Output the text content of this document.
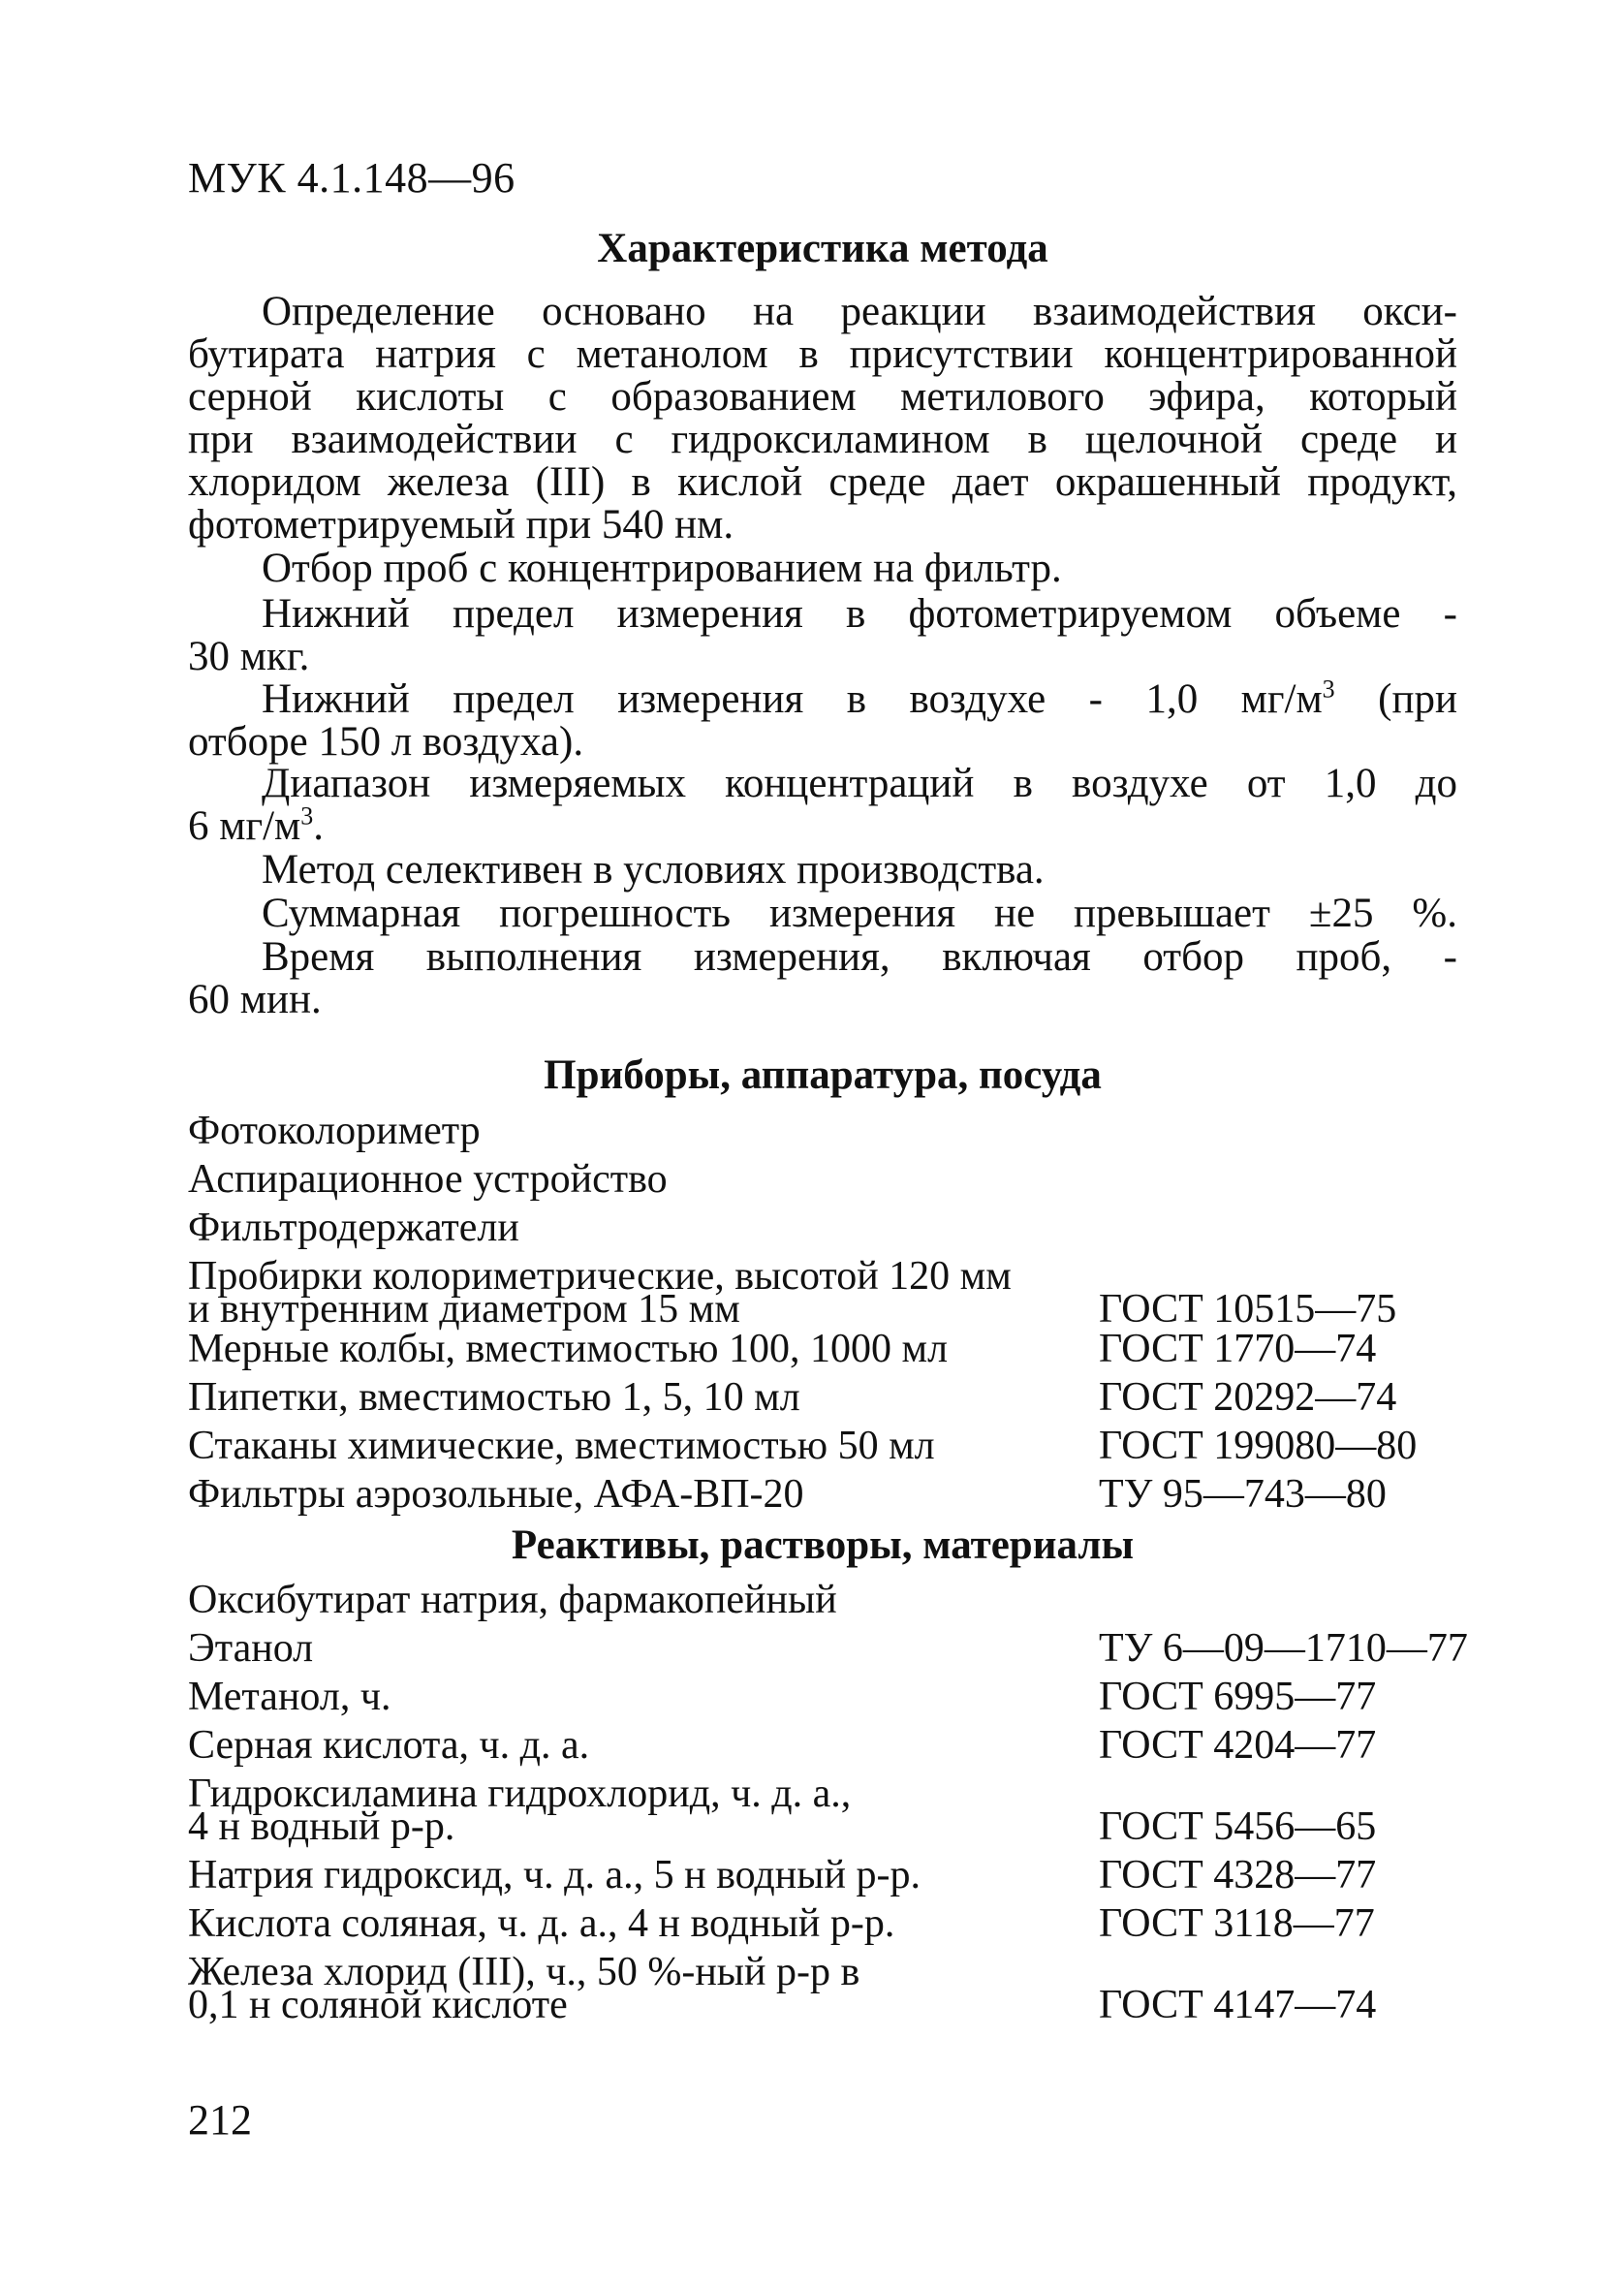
МУК 4.1.148—96
Характеристика метода
Определение основано на реакции взаимодействия окси-
бутирата натрия с метанолом в присутствии концентрированной
серной кислоты с образованием метилового эфира, который
при взаимодействии с гидроксиламином в щелочной среде и
хлоридом железа (III) в кислой среде дает окрашенный продукт,
фотометрируемый при 540 нм.
Отбор проб с концентрированием на фильтр.
Нижний предел измерения в фотометрируемом объеме -
30 мкг.
Нижний предел измерения в воздухе - 1,0 $мг/м^3$ (при
отборе 150 л воздуха).
Диапазон измеряемых концентраций в воздухе от 1,0 до
6 $мг/м^3$.
Метод селективен в условиях производства.
Суммарная погрешность измерения не превышает ±25 %.
Время выполнения измерения, включая отбор проб, -
60 мин.
Приборы, аппаратура, посуда
Фотоколориметр
Аспирационное устройство
Фильтродержатели
Пробирки колориметрические, высотой 120 мм
и внутренним диаметром 15 мм	ГОСТ 10515—75
Мерные колбы, вместимостью 100, 1000 мл	ГОСТ 1770—74
Пипетки, вместимостью 1, 5, 10 мл	ГОСТ 20292—74
Стаканы химические, вместимостью 50 мл	ГОСТ 199080—80
Фильтры аэрозольные, АФА-ВП-20	ТУ 95—743—80
Реактивы, растворы, материалы
Оксибутират натрия, фармакопейный
Этанол	ТУ 6—09—1710—77
Метанол, ч.	ГОСТ 6995—77
Серная кислота, ч. д. а.	ГОСТ 4204—77
Гидроксиламина гидрохлорид, ч. д. а.,
4 н водный р-р.	ГОСТ 5456—65
Натрия гидроксид, ч. д. а., 5 н водный р-р.	ГОСТ 4328—77
Кислота соляная, ч. д. а., 4 н водный р-р.	ГОСТ 3118—77
Железа хлорид (III), ч., 50 %-ный р-р в
0,1 н соляной кислоте	ГОСТ 4147—74
212
